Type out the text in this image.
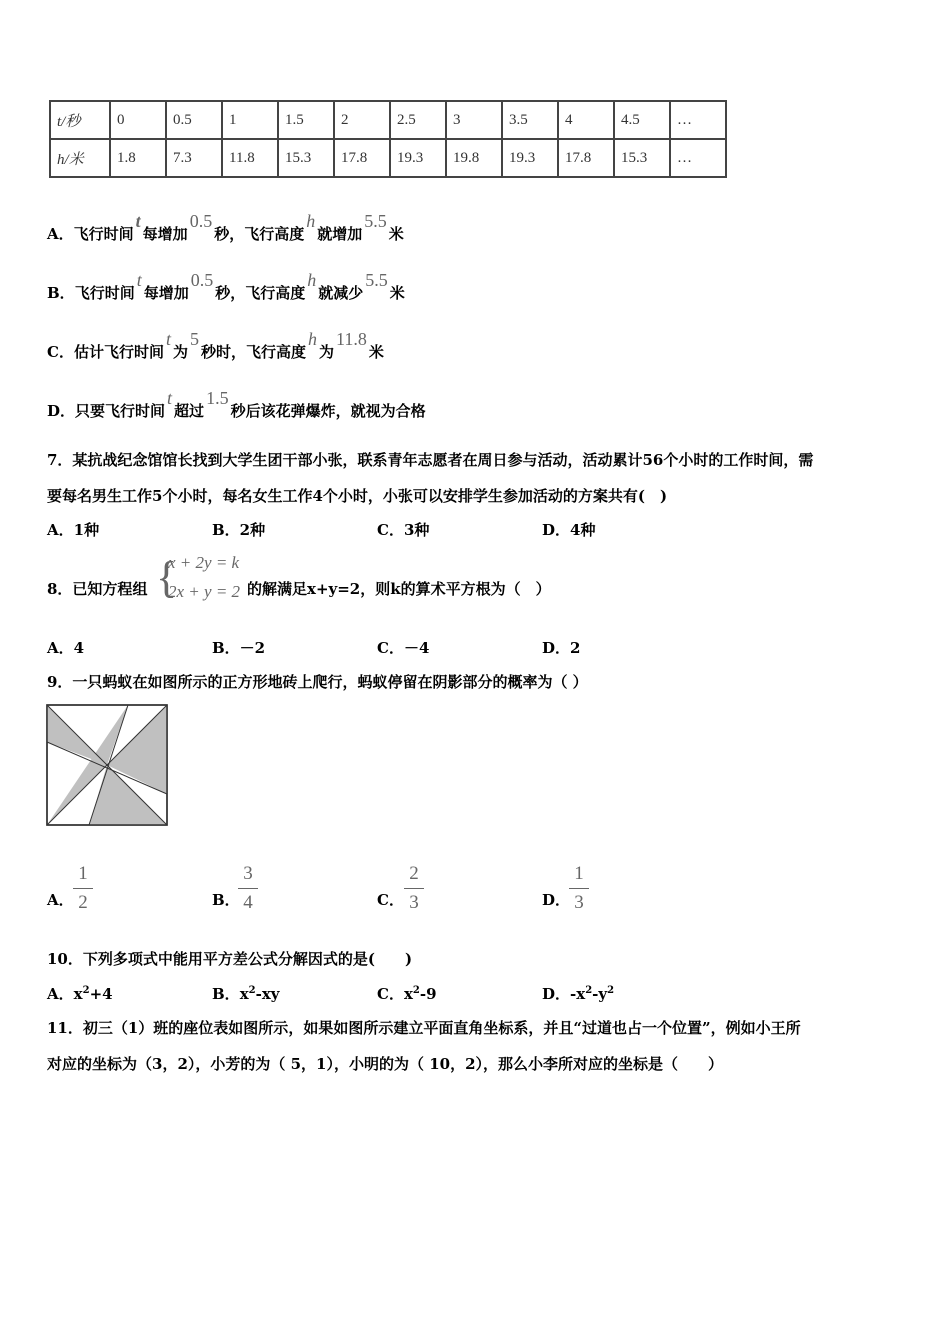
t/秒	0	0.5	1	1.5	2	2.5	3	3.5	4	4.5	…
h/米	1.8	7.3	11.8	15.3	17.8	19.3	19.8	19.3	17.8	15.3	…
A．飞行时间t每增加0.5秒，飞行高度h就增加5.5米
B．飞行时间t每增加0.5秒，飞行高度h就减少5.5米
C．估计飞行时间t为5秒时，飞行高度h为11.8米
D．只要飞行时间t超过1.5秒后该花弹爆炸，就视为合格
7．某抗战纪念馆馆长找到大学生团干部小张，联系青年志愿者在周日参与活动，活动累计56个小时的工作时间，需
要每名男生工作5个小时，每名女生工作4个小时，小张可以安排学生参加活动的方案共有(　)
A．1种	B．2种	C．3种	D．4种
8．已知方程组 {
x + 2y = k
2x + y = 2 的解满足x+y=2，则k的算术平方根为（　）
A．4	B．－2	C．－4	D．2
9．一只蚂蚁在如图所示的正方形地砖上爬行，蚂蚁停留在阴影部分的概率为（ ）
A．
1
2	B．
3
4	C．
2
3	D．
1
3
10．下列多项式中能用平方差公式分解因式的是(　　)
A．$x^2+4$	B．$x^2-xy$	C．$x^2-9$	D．$-x^2-y^2$
11．初三（1）班的座位表如图所示，如果如图所示建立平面直角坐标系，并且“过道也占一个位置”，例如小王所
对应的坐标为（3，2），小芳的为（ 5，1），小明的为（ 10，2），那么小李所对应的坐标是（　　）
